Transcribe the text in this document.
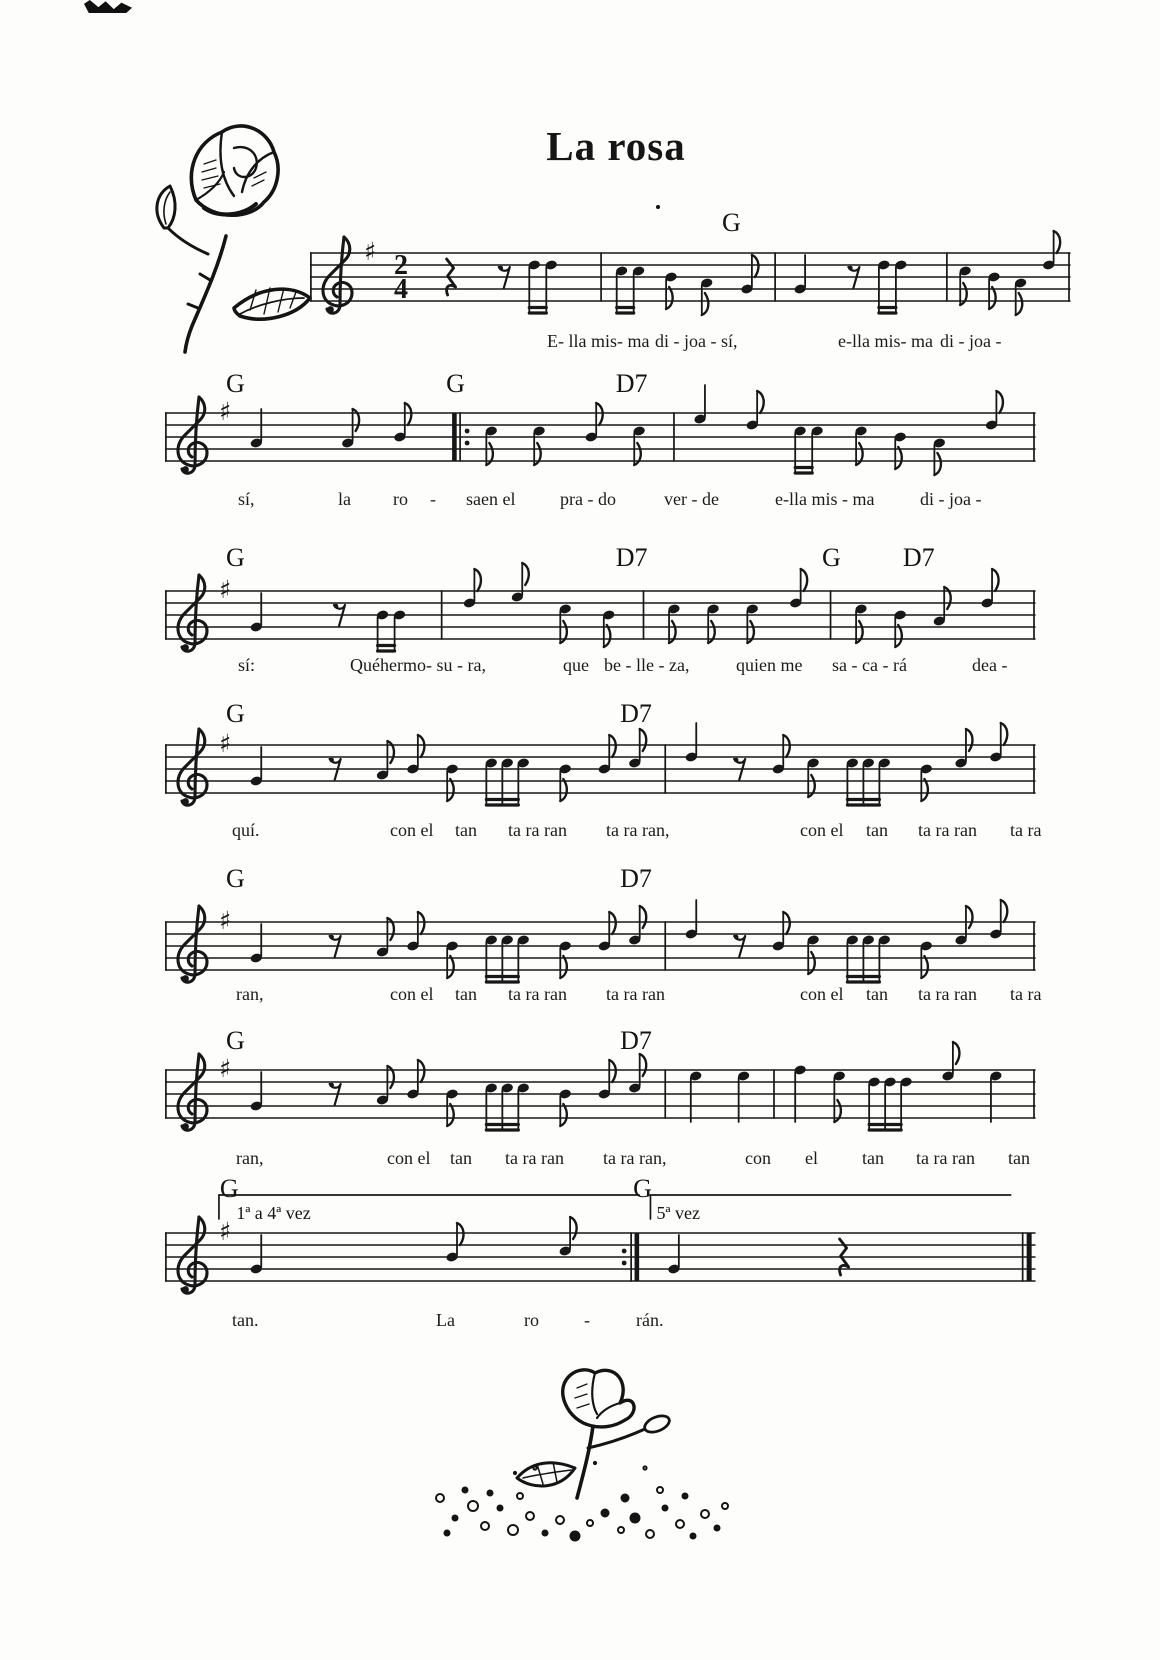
La rosa
♯ 2
4
G
E- lla mis- ma di - joa - sí,	e-lla mis- ma di - joa -
♯
G	G	D7
sí,	la ro - saen el pra - do	ver - de	e-lla mis - ma	di - joa -
♯
G	D7	G D7
sí:	Quéhermo- su - ra,	que be - lle - za,	quien me sa - ca - rá	dea -
♯
G	D7
quí.	con el tan ta ra ran ta ra ran,	con el tan ta ra ran ta ra
♯
G	D7
ran,	con el tan ta ra ran ta ra ran	con el tan ta ra ran ta ra
♯
G	D7
ran,	con el tan ta ra ran ta ra ran,	con el tan ta ra ran tan
♯
1ª a 4ª vez	5ª vez
G	G
tan.	La	ro	-	rán.
